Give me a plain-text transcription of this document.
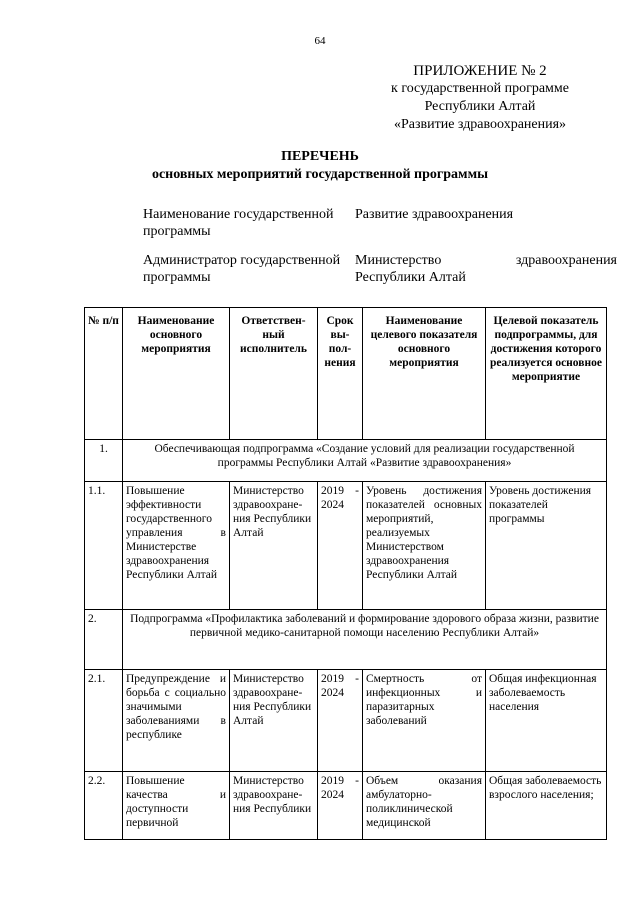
64
ПРИЛОЖЕНИЕ № 2
к государственной программе
Республики Алтай
«Развитие здравоохранения»
ПЕРЕЧЕНЬ
основных мероприятий государственной программы
Наименование государственной программы
Развитие здравоохранения
Администратор государственной программы
Министерство	здравоохранения
Республики Алтай
№ п/п	Наименование основного мероприятия	Ответствен-ный исполнитель	Срок вы-пол-нения	Наименование целевого показателя основного мероприятия	Целевой показатель подпрограммы, для достижения которого реализуется основное мероприятие
1.	Обеспечивающая подпрограмма «Создание условий для реализации государственной программы Республики Алтай «Развитие здравоохранения»				
1.1.	Повышение эффективности государственного управления в Министерстве здравоохранения Республики Алтай	Министерство здравоохране-ния Республики Алтай	2019 - 2024	Уровень достижения показателей основных мероприятий, реализуемых Министерством здравоохранения Республики Алтай	Уровень достижения показателей программы
2.	Подпрограмма «Профилактика заболеваний и формирование здорового образа жизни, развитие первичной медико-санитарной помощи населению Республики Алтай»				
2.1.	Предупреждение и борьба с социально значимыми заболеваниями в республике	Министерство здравоохране-ния Республики Алтай	2019 - 2024	Смертность от инфекционных и паразитарных заболеваний	Общая инфекционная заболеваемость населения
2.2.	Повышение качества и доступности первичной	Министерство здравоохране-ния Республики	2019 - 2024	Объем оказания амбулаторно-поликлинической медицинской	Общая заболеваемость взрослого населения;
